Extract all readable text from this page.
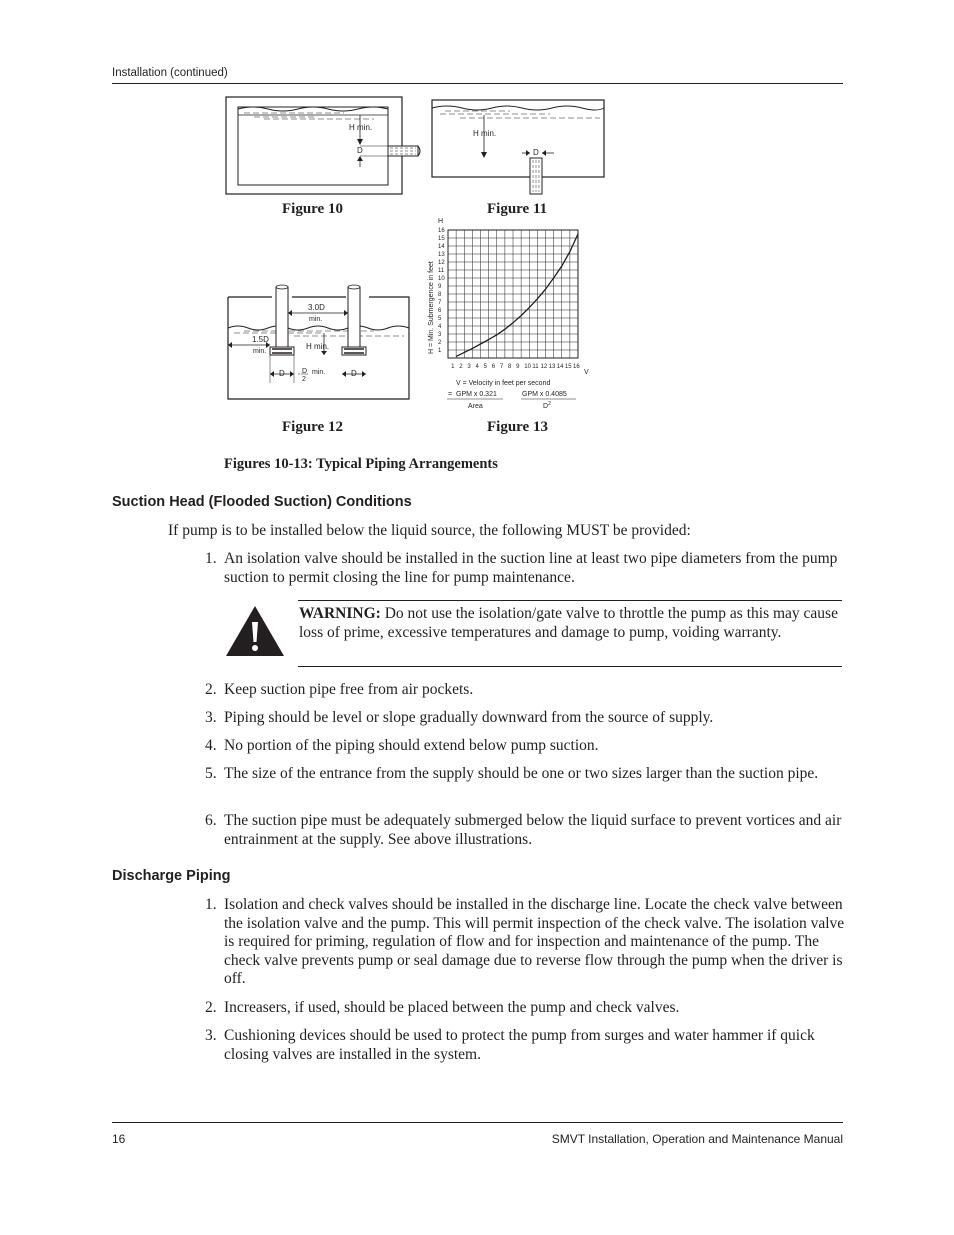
Installation (continued)
H min.
D
Figure 10
H min.
D
Figure 11
3.0D
min.
1.5D
min.
H min.
D	D
D
2
min.
Figure 12
1 2 3 4 5 6 7 8 9 10 11 12 13 14 15 16
1
2
3
4
5
6
7
8
9
10
11
12
13
14
15
16
H
V
H = Min. Submergence in feet
V = Velocity in feet per second
= GPM x 0.321
Area
GPM x 0.4085
$D^2$
Figure 13
Figures 10-13: Typical Piping Arrangements
Suction Head (Flooded Suction) Conditions
If pump is to be installed below the liquid source, the following MUST be provided:
1. An isolation valve should be installed in the suction line at least two pipe diameters from the pump suction to permit closing the line for pump maintenance.
WARNING: Do not use the isolation/gate valve to throttle the pump as this may cause loss of prime, excessive temperatures and damage to pump, voiding warranty.
2. Keep suction pipe free from air pockets.
3. Piping should be level or slope gradually downward from the source of supply.
4. No portion of the piping should extend below pump suction.
5. The size of the entrance from the supply should be one or two sizes larger than the suction pipe.
6. The suction pipe must be adequately submerged below the liquid surface to prevent vortices and air entrainment at the supply. See above illustrations.
Discharge Piping
1. Isolation and check valves should be installed in the discharge line. Locate the check valve between the isolation valve and the pump. This will permit inspection of the check valve. The isolation valve is required for priming, regulation of flow and for inspection and maintenance of the pump. The check valve prevents pump or seal damage due to reverse flow through the pump when the driver is off.
2. Increasers, if used, should be placed between the pump and check valves.
3. Cushioning devices should be used to protect the pump from surges and water hammer if quick closing valves are installed in the system.
16	SMVT Installation, Operation and Maintenance Manual
